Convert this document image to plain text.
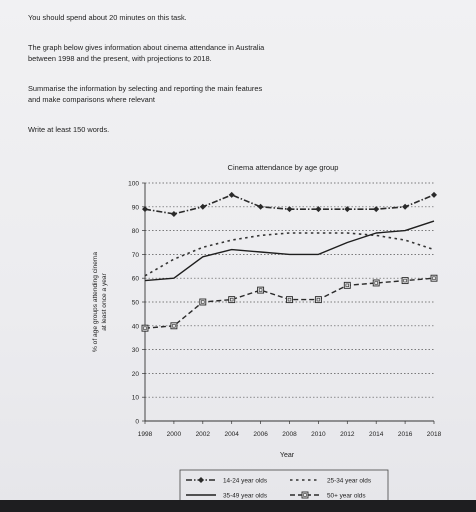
You should spend about 20 minutes on this task.
The graph below gives information about cinema attendance in Australia
between 1998 and the present, with projections to 2018.
Summarise the information by selecting and reporting the main features
and make comparisons where relevant
Write at least 150 words.
Cinema attendance by age group
0
10
20
30
40
50
60
70
80
90
100
1998 2000 2002 2004 2006 2008 2010 2012 2014 2016 2018
Year
% of age groups attending cinema at least once a year
14-24 year olds	25-34 year olds
35-49 year olds	50+ year olds
